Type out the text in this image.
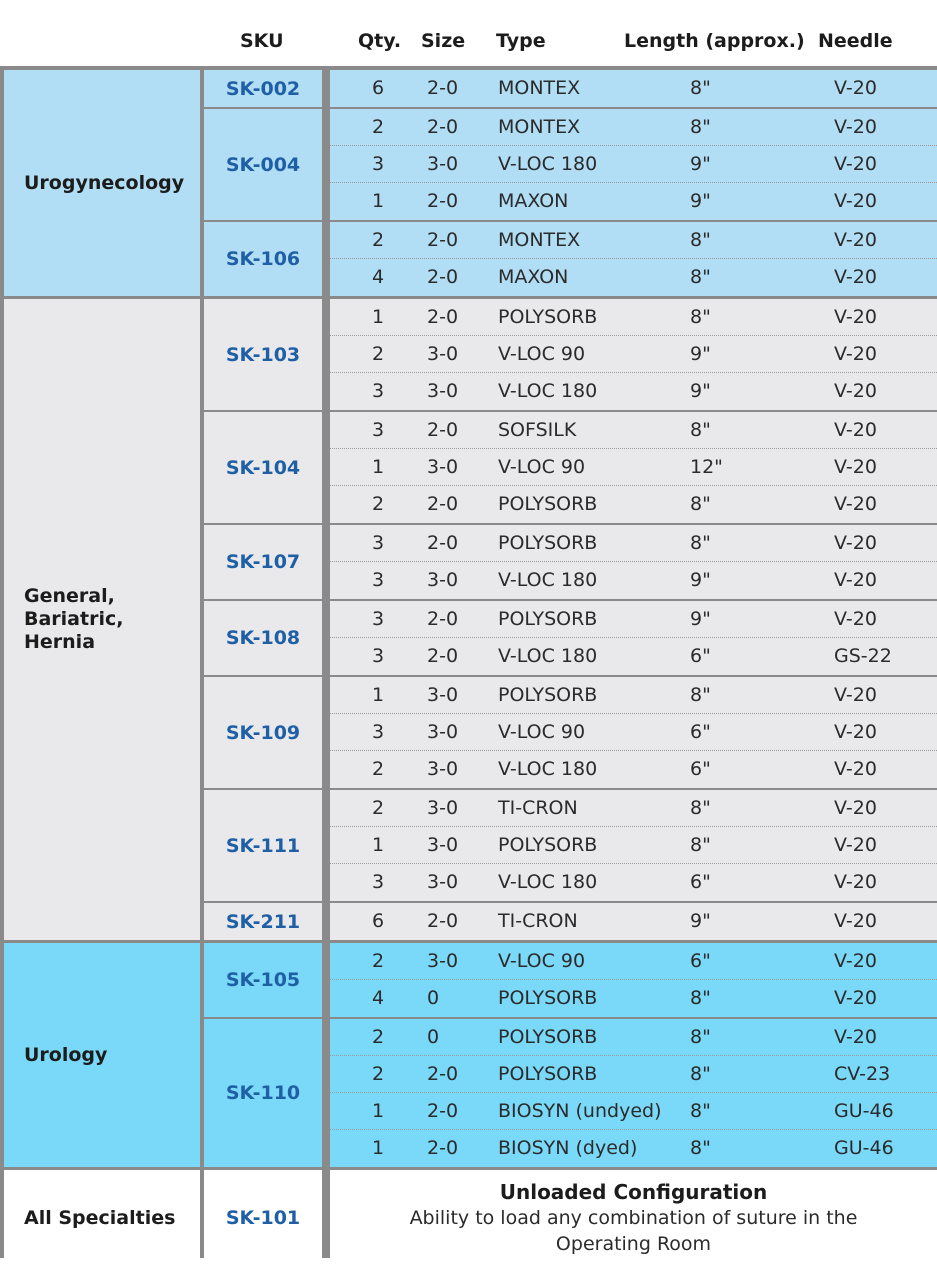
SKU	Qty. Size Type	Length (approx.) Needle
Urogynecology
SK-002	6 2-0 MONTEX	8"	V-20
SK-004
2 2-0 MONTEX	8"	V-20
3 3-0 V-LOC 180	9"	V-20
1 2-0 MAXON	9"	V-20
SK-106
2 2-0 MONTEX	8"	V-20
4 2-0 MAXON	8"	V-20
General,
Bariatric,
Hernia
SK-103
1 2-0 POLYSORB	8"	V-20
2 3-0 V-LOC 90	9"	V-20
3 3-0 V-LOC 180	9"	V-20
SK-104
3 2-0 SOFSILK	8"	V-20
1 3-0 V-LOC 90	12"	V-20
2 2-0 POLYSORB	8"	V-20
SK-107
3 2-0 POLYSORB	8"	V-20
3 3-0 V-LOC 180	9"	V-20
SK-108
3 2-0 POLYSORB	9"	V-20
3 2-0 V-LOC 180	6"	GS-22
SK-109
1 3-0 POLYSORB	8"	V-20
3 3-0 V-LOC 90	6"	V-20
2 3-0 V-LOC 180	6"	V-20
SK-111
2 3-0 TI-CRON	8"	V-20
1 3-0 POLYSORB	8"	V-20
3 3-0 V-LOC 180	6"	V-20
SK-211	6 2-0 TI-CRON	9"	V-20
Urology
SK-105
2 3-0 V-LOC 90	6"	V-20
4 0	POLYSORB	8"	V-20
SK-110
2 0	POLYSORB	8"	V-20
2 2-0 POLYSORB	8"	CV-23
1 2-0 BIOSYN (undyed) 8"	GU-46
1 2-0 BIOSYN (dyed)	8"	GU-46
All Specialties	SK-101
Unloaded Configuration
Ability to load any combination of suture in the Operating Room
